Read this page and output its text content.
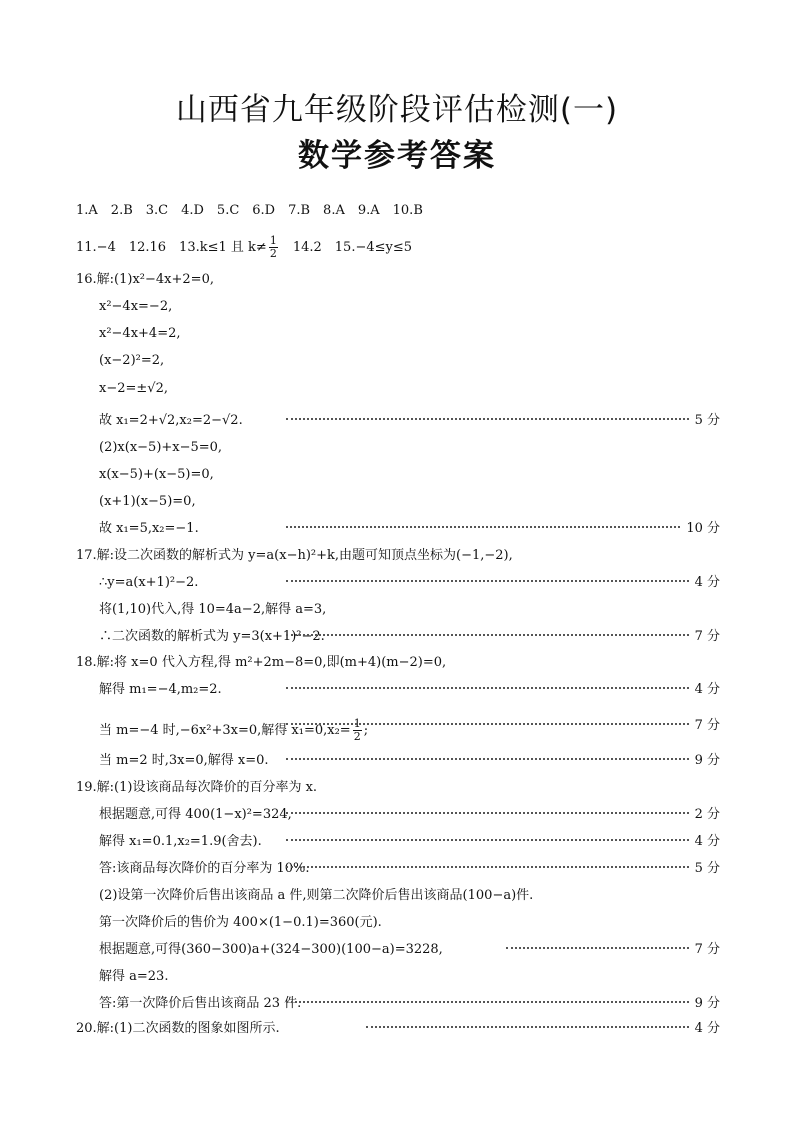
山西省九年级阶段评估检测(一)
数学参考答案
1.A　2.B　3.C　4.D　5.C　6.D　7.B　8.A　9.A　10.B
11.−4　12.16　13.k≤1 且 $k\ne \frac{1}{2}$
　 14.2　15.−4≤y≤5
16.解:(1)x²−4x+2=0,
x²−4x=−2,
x²−4x+4=2,
(x−2)²=2,
x−2=±√2,
故 x₁=2+√2,x₂=2−√2.	5 分
(2)x(x−5)+x−5=0,
x(x−5)+(x−5)=0,
(x+1)(x−5)=0,
故 x₁=5,x₂=−1.	10 分
17.解:设二次函数的解析式为 y=a(x−h)²+k,由题可知顶点坐标为(−1,−2),
∴y=a(x+1)²−2.	4 分
将(1,10)代入,得 10=4a−2,解得 a=3,
∴二次函数的解析式为 y=3(x+1)²−2.	7 分
18.解:将 x=0 代入方程,得 m²+2m−8=0,即(m+4)(m−2)=0,
解得 m₁=−4,m₂=2.	4 分
当 m=−4 时,−6x²+3x=0,解得 $x_1=0,x_2= \frac{1}{2}$ ;	7 分
当 m=2 时,3x=0,解得 x=0.	9 分
19.解:(1)设该商品每次降价的百分率为 x.
根据题意,可得 400(1−x)²=324,	2 分
解得 x₁=0.1,x₂=1.9(舍去).	4 分
答:该商品每次降价的百分率为 10%.	5 分
(2)设第一次降价后售出该商品 a 件,则第二次降价后售出该商品(100−a)件.
第一次降价后的售价为 400×(1−0.1)=360(元).
根据题意,可得(360−300)a+(324−300)(100−a)=3228,	7 分
解得 a=23.
答:第一次降价后售出该商品 23 件.	9 分
20.解:(1)二次函数的图象如图所示.	4 分
